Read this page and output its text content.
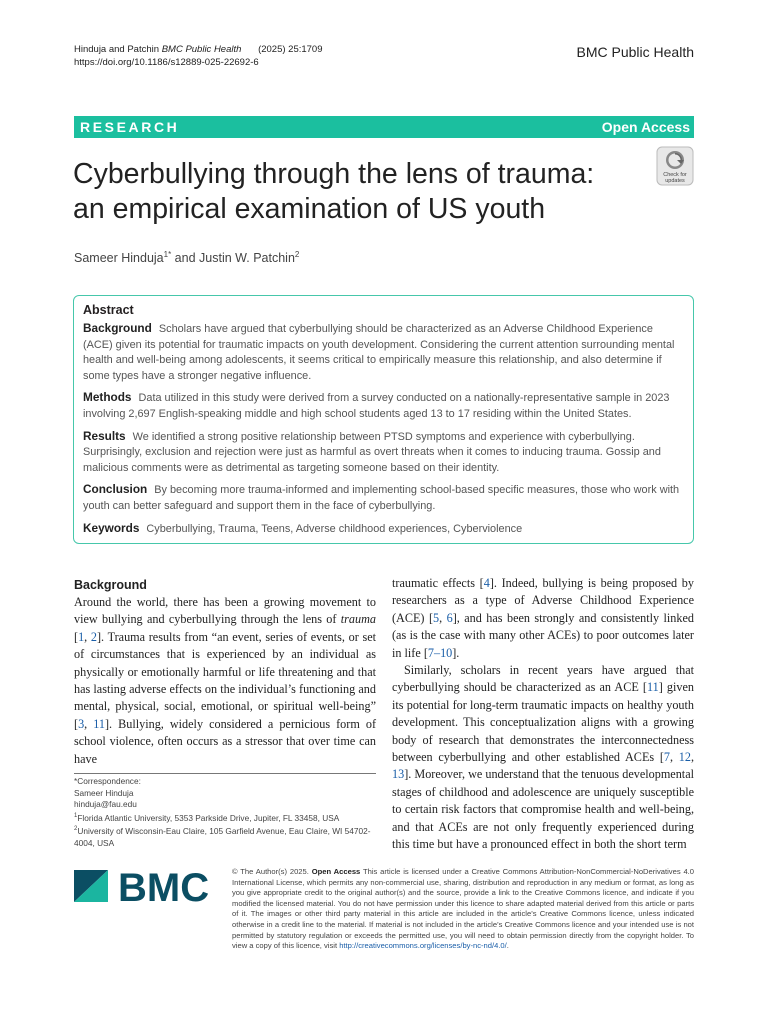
Hinduja and Patchin BMC Public Health (2025) 25:1709
https://doi.org/10.1186/s12889-025-22692-6
BMC Public Health
RESEARCH	Open Access
Cyberbullying through the lens of trauma: an empirical examination of US youth
Check for
updates
Sameer Hinduja$^{1*}$ and Justin W. Patchin$^2$
Abstract

Background Scholars have argued that cyberbullying should be characterized as an Adverse Childhood Experience (ACE) given its potential for traumatic impacts on youth development. Considering the current attention surrounding mental health and well-being among adolescents, it seems critical to empirically measure this relationship, and also determine if some types have a stronger negative influence.

Methods Data utilized in this study were derived from a survey conducted on a nationally-representative sample in 2023 involving 2,697 English-speaking middle and high school students aged 13 to 17 residing within the United States.

Results We identified a strong positive relationship between PTSD symptoms and experience with cyberbullying. Surprisingly, exclusion and rejection were just as harmful as overt threats when it comes to inducing trauma. Gossip and malicious comments were as detrimental as targeting someone based on their identity.

Conclusion By becoming more trauma-informed and implementing school-based specific measures, those who work with youth can better safeguard and support them in the face of cyberbullying.

Keywords Cyberbullying, Trauma, Teens, Adverse childhood experiences, Cyberviolence

Background

Around the world, there has been a growing movement to view bullying and cyberbullying through the lens of trauma [1, 2]. Trauma results from “an event, series of events, or set of circumstances that is experienced by an individual as physically or emotionally harmful or life threatening and that has lasting adverse effects on the individual’s functioning and mental, physical, social, emotional, or spiritual well-being” [3, 11]. Bullying, widely considered a pernicious form of school violence, often occurs as a stressor that over time can have

*Correspondence:
Sameer Hinduja
hinduja@fau.edu
$^1$Florida Atlantic University, 5353 Parkside Drive, Jupiter, FL 33458, USA
$^2$University of Wisconsin-Eau Claire, 105 Garfield Avenue, Eau Claire, WI 54702-4004, USA

traumatic effects [4]. Indeed, bullying is being proposed by researchers as a type of Adverse Childhood Experience (ACE) [5, 6], and has been strongly and consistently linked (as is the case with many other ACEs) to poor outcomes later in life [7–10].

Similarly, scholars in recent years have argued that cyberbullying should be characterized as an ACE [11] given its potential for long-term traumatic impacts on healthy youth development. This conceptualization aligns with a growing body of research that demonstrates the interconnectedness between cyberbullying and other established ACEs [7, 12, 13]. Moreover, we understand that the tenuous developmental stages of childhood and adolescence are uniquely susceptible to certain risk factors that compromise health and well-being, and that ACEs are not only frequently experienced during this time but have a pronounced effect in both the short term

BMC	© The Author(s) 2025. Open Access This article is licensed under a Creative Commons Attribution-NonCommercial-NoDerivatives 4.0 International License, which permits any non-commercial use, sharing, distribution and reproduction in any medium or format, as long as you give appropriate credit to the original author(s) and the source, provide a link to the Creative Commons licence, and indicate if you modified the licensed material. You do not have permission under this licence to share adapted material derived from this article or parts of it. The images or other third party material in this article are included in the article’s Creative Commons licence, unless indicated otherwise in a credit line to the material. If material is not included in the article’s Creative Commons licence and your intended use is not permitted by statutory regulation or exceeds the permitted use, you will need to obtain permission directly from the copyright holder. To view a copy of this licence, visit http://creativecommons.org/licenses/by-nc-nd/4.0/.
